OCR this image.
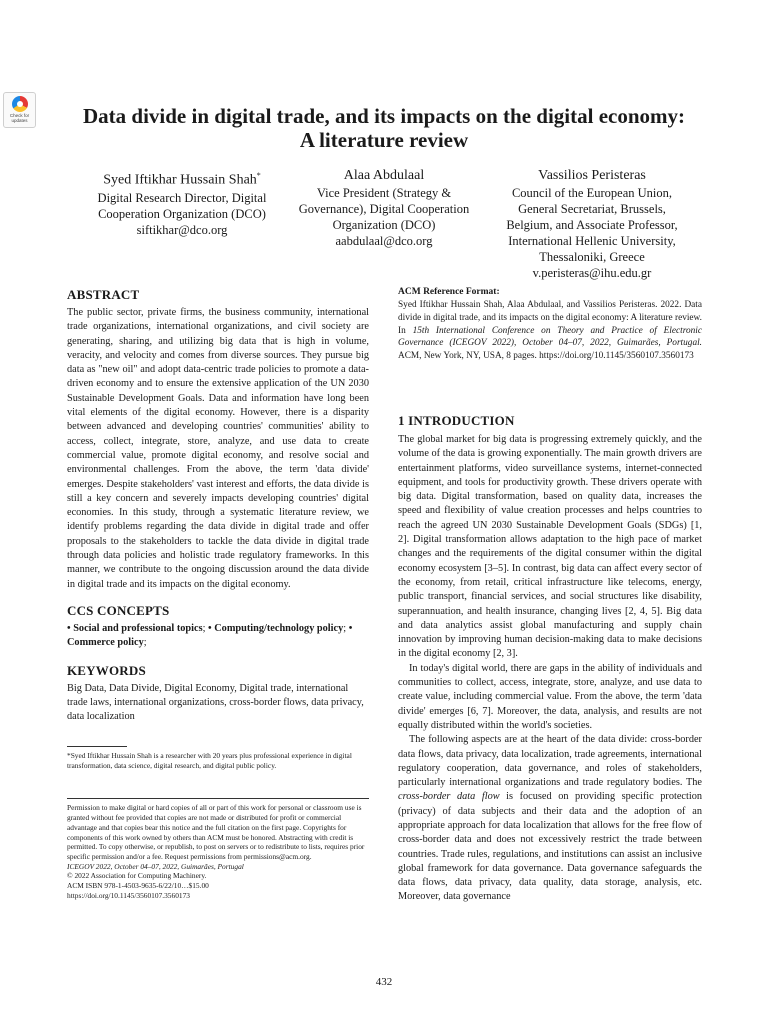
Check for
updates	Data divide in digital trade, and its impacts on the digital economy: A literature review
Syed Iftikhar Hussain Shah*
Digital Research Director, Digital Cooperation Organization (DCO)
siftikhar@dco.org
Alaa Abdulaal
Vice President (Strategy & Governance), Digital Cooperation Organization (DCO)
aabdulaal@dco.org
Vassilios Peristeras
Council of the European Union, General Secretariat, Brussels, Belgium, and Associate Professor, International Hellenic University, Thessaloniki, Greece
v.peristeras@ihu.edu.gr
ABSTRACT

The public sector, private firms, the business community, international trade organizations, international organizations, and civil society are generating, sharing, and utilizing big data that is high in volume, veracity, and velocity and comes from diverse sources. They pursue big data as "new oil" and adopt data-centric trade policies to promote a data-driven economy and to ensure the extensive application of the UN 2030 Sustainable Development Goals. Data and information have long been vital elements of the digital economy. However, there is a disparity between advanced and developing countries' communities' ability to access, collect, integrate, store, analyze, and use data to create commercial value, promote digital economy, and resolve social and environmental challenges. From the above, the term 'data divide' emerges. Despite stakeholders' vast interest and efforts, the data divide is still a key concern and severely impacts developing countries' digital economies. In this study, through a systematic literature review, we identify problems regarding the data divide in digital trade and offer proposals to the stakeholders to tackle the data divide in digital trade through data policies and holistic trade regulatory frameworks. In this manner, we contribute to the ongoing discussion around the data divide in digital trade and its impacts on the digital economy.

CCS CONCEPTS

• Social and professional topics; • Computing/technology policy; • Commerce policy;

KEYWORDS

Big Data, Data Divide, Digital Economy, Digital trade, international trade laws, international organizations, cross-border flows, data privacy, data localization

*Syed Iftikhar Hussain Shah is a researcher with 20 years plus professional experience in digital transformation, data science, digital research, and digital public policy.

Permission to make digital or hard copies of all or part of this work for personal or classroom use is granted without fee provided that copies are not made or distributed for profit or commercial advantage and that copies bear this notice and the full citation on the first page. Copyrights for components of this work owned by others than ACM must be honored. Abstracting with credit is permitted. To copy otherwise, or republish, to post on servers or to redistribute to lists, requires prior specific permission and/or a fee. Request permissions from permissions@acm.org.

ICEGOV 2022, October 04–07, 2022, Guimarães, Portugal

© 2022 Association for Computing Machinery.

ACM ISBN 978-1-4503-9635-6/22/10…$15.00

https://doi.org/10.1145/3560107.3560173

ACM Reference Format:

Syed Iftikhar Hussain Shah, Alaa Abdulaal, and Vassilios Peristeras. 2022. Data divide in digital trade, and its impacts on the digital economy: A literature review. In 15th International Conference on Theory and Practice of Electronic Governance (ICEGOV 2022), October 04–07, 2022, Guimarães, Portugal. ACM, New York, NY, USA, 8 pages. https://doi.org/10.1145/3560107.3560173

1 INTRODUCTION

The global market for big data is progressing extremely quickly, and the volume of the data is growing exponentially. The main growth drivers are entertainment platforms, video surveillance systems, internet-connected equipment, and tools for productivity growth. These drivers operate with big data. Digital transformation, based on quality data, increases the speed and flexibility of value creation processes and helps countries to reach the agreed UN 2030 Sustainable Development Goals (SDGs) [1, 2]. Digital transformation allows adaptation to the high pace of market changes and the requirements of the digital consumer within the digital economy ecosystem [3–5]. In contrast, big data can affect every sector of the economy, from retail, critical infrastructure like telecoms, energy, public transport, financial services, and social structures like disability, superannuation, and health insurance, changing lives [2, 4, 5]. Big data and data analytics assist global manufacturing and supply chain innovation by improving human decision-making data to make decisions in the digital economy [2, 3].

In today's digital world, there are gaps in the ability of individuals and communities to collect, access, integrate, store, analyze, and use data to create value, including commercial value. From the above, the term 'data divide' emerges [6, 7]. Moreover, the data, analysis, and results are not equally distributed within the world's societies.

The following aspects are at the heart of the data divide: cross-border data flows, data privacy, data localization, trade agreements, international regulatory cooperation, data governance, and roles of stakeholders, particularly international organizations and trade regulatory bodies. The cross-border data flow is focused on providing specific protection (privacy) of data subjects and their data and the adoption of an appropriate approach for data localization that allows for the free flow of cross-border data and does not excessively restrict the trade between countries. Trade rules, regulations, and institutions can assist an inclusive global framework for data governance. Data governance safeguards the data flows, data privacy, data quality, data storage, analysis, etc. Moreover, data governance

432
